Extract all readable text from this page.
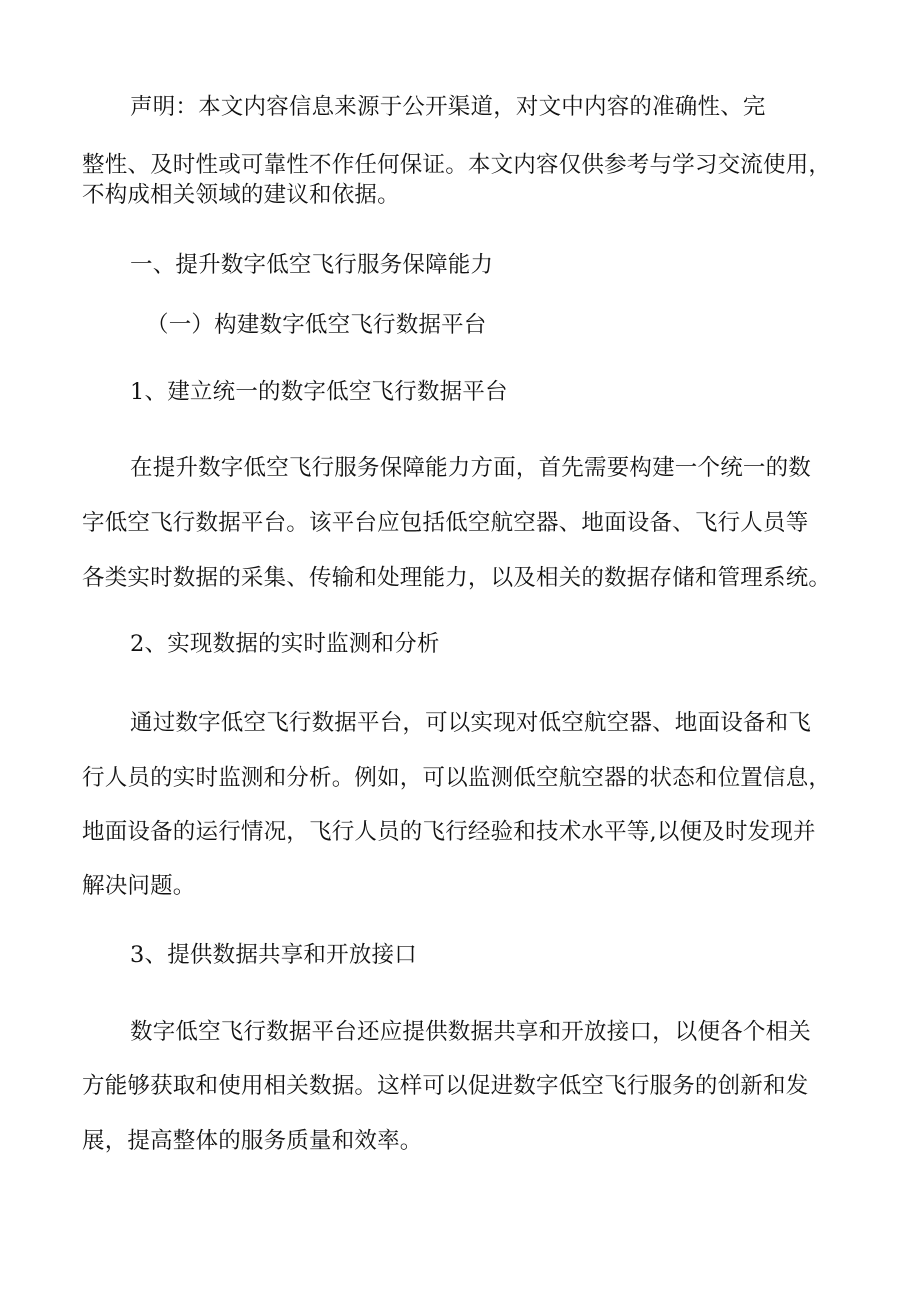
声明：本文内容信息来源于公开渠道，对文中内容的准确性、完
整性、及时性或可靠性不作任何保证。本文内容仅供参考与学习交流使用，
不构成相关领域的建议和依据。
一、提升数字低空飞行服务保障能力
（一）构建数字低空飞行数据平台
1、建立统一的数字低空飞行数据平台
在提升数字低空飞行服务保障能力方面，首先需要构建一个统一的数
字低空飞行数据平台。该平台应包括低空航空器、地面设备、飞行人员等
各类实时数据的采集、传输和处理能力，以及相关的数据存储和管理系统。
2、实现数据的实时监测和分析
通过数字低空飞行数据平台，可以实现对低空航空器、地面设备和飞
行人员的实时监测和分析。例如，可以监测低空航空器的状态和位置信息，
地面设备的运行情况，飞行人员的飞行经验和技术水平等,以便及时发现并
解决问题。
3、提供数据共享和开放接口
数字低空飞行数据平台还应提供数据共享和开放接口，以便各个相关
方能够获取和使用相关数据。这样可以促进数字低空飞行服务的创新和发
展，提高整体的服务质量和效率。
